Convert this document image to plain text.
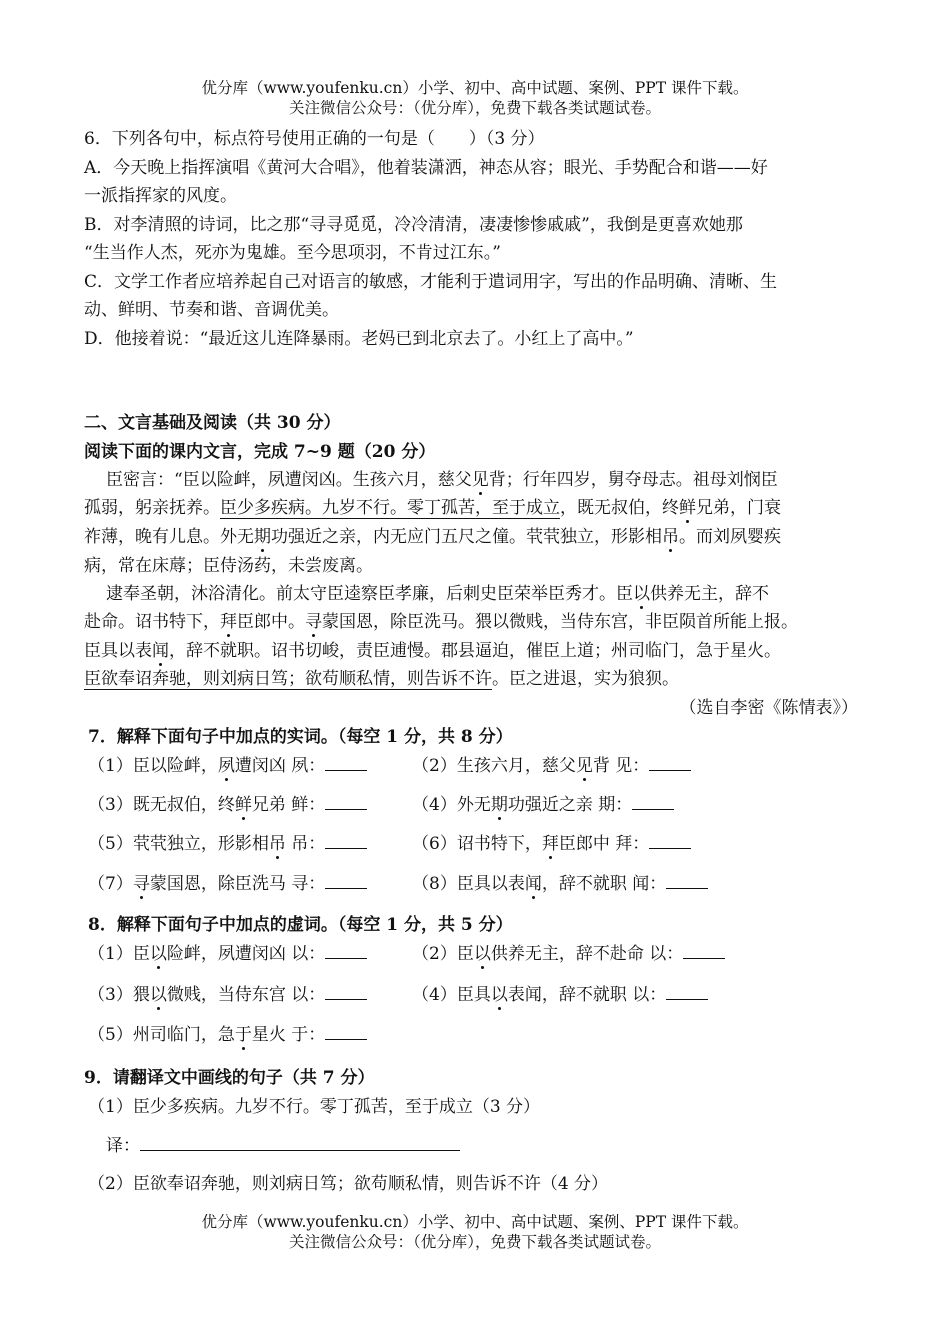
优分库（www.youfenku.cn）小学、初中、高中试题、案例、PPT 课件下载。
关注微信公众号：（优分库），免费下载各类试题试卷。
6．下列各句中，标点符号使用正确的一句是（　　）（3 分）
A．今天晚上指挥演唱《黄河大合唱》，他着装潇洒，神态从容；眼光、手势配合和谐——好
一派指挥家的风度。
B．对李清照的诗词，比之那“寻寻觅觅，冷冷清清，凄凄惨惨戚戚”，我倒是更喜欢她那
“生当作人杰，死亦为鬼雄。至今思项羽，不肯过江东。”
C．文学工作者应培养起自己对语言的敏感，才能利于遣词用字，写出的作品明确、清晰、生
动、鲜明、节奏和谐、音调优美。
D．他接着说：“最近这儿连降暴雨。老妈已到北京去了。小红上了高中。”
二、文言基础及阅读（共 30 分）
阅读下面的课内文言，完成 7~9 题（20 分）
臣密言：“臣以险衅，夙遭闵凶。生孩六月，慈父见背；行年四岁，舅夺母志。祖母刘悯臣
孤弱，躬亲抚养。臣少多疾病。九岁不行。零丁孤苦，至于成立，既无叔伯，终鲜兄弟，门衰
祚薄，晚有儿息。外无期功强近之亲，内无应门五尺之僮。茕茕独立，形影相吊。而刘夙婴疾
病，常在床蓐；臣侍汤药，未尝废离。
逮奉圣朝，沐浴清化。前太守臣逵察臣孝廉，后刺史臣荣举臣秀才。臣以供养无主，辞不
赴命。诏书特下，拜臣郎中。寻蒙国恩，除臣洗马。猥以微贱，当侍东宫，非臣陨首所能上报。
臣具以表闻，辞不就职。诏书切峻，责臣逋慢。郡县逼迫，催臣上道；州司临门，急于星火。
臣欲奉诏奔驰，则刘病日笃；欲苟顺私情，则告诉不许。臣之进退，实为狼狈。
（选自李密《陈情表》）
7．解释下面句子中加点的实词。（每空 1 分，共 8 分）
（1）臣以险衅，夙遭闵凶 夙：	（2）生孩六月，慈父见背 见：
（3）既无叔伯，终鲜兄弟 鲜：	（4）外无期功强近之亲 期：
（5）茕茕独立，形影相吊 吊：	（6）诏书特下，拜臣郎中 拜：
（7）寻蒙国恩，除臣洗马 寻：	（8）臣具以表闻，辞不就职 闻：
8．解释下面句子中加点的虚词。（每空 1 分，共 5 分）
（1）臣以险衅，夙遭闵凶 以：	（2）臣以供养无主，辞不赴命 以：
（3）猥以微贱，当侍东宫 以：	（4）臣具以表闻，辞不就职 以：
（5）州司临门，急于星火 于：
9．请翻译文中画线的句子（共 7 分）
（1）臣少多疾病。九岁不行。零丁孤苦，至于成立（3 分）
译：
（2）臣欲奉诏奔驰，则刘病日笃；欲苟顺私情，则告诉不许（4 分）
优分库（www.youfenku.cn）小学、初中、高中试题、案例、PPT 课件下载。
关注微信公众号：（优分库），免费下载各类试题试卷。
